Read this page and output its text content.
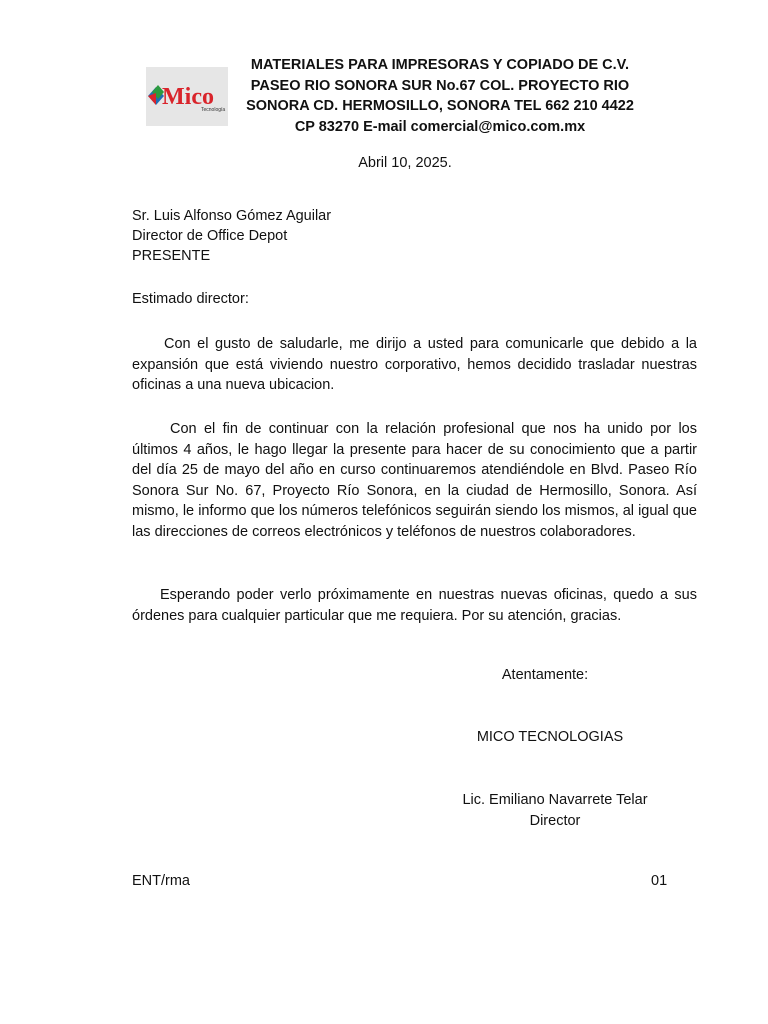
Mico
Tecnología
MATERIALES PARA IMPRESORAS Y COPIADO DE C.V.
PASEO RIO SONORA SUR No.67 COL. PROYECTO RIO
SONORA CD. HERMOSILLO, SONORA TEL 662 210 4422
CP 83270 E-mail comercial@mico.com.mx
Abril 10, 2025.
Sr. Luis Alfonso Gómez Aguilar
Director de Office Depot
PRESENTE
Estimado director:

Con el gusto de saludarle, me dirijo a usted para comunicarle que debido a la expansión que está viviendo nuestro corporativo, hemos decidido trasladar nuestras oficinas a una nueva ubicacion.

Con el fin de continuar con la relación profesional que nos ha unido por los últimos 4 años, le hago llegar la presente para hacer de su conocimiento que a partir del día 25 de mayo del año en curso continuaremos atendiéndole en Blvd. Paseo Río Sonora Sur No. 67, Proyecto Río Sonora, en la ciudad de Hermosillo, Sonora. Así mismo, le informo que los números telefónicos seguirán siendo los mismos, al igual que las direcciones de correos electrónicos y teléfonos de nuestros colaboradores.

Esperando poder verlo próximamente en nuestras nuevas oficinas, quedo a sus órdenes para cualquier particular que me requiera. Por su atención, gracias.

Atentamente:
MICO TECNOLOGIAS
Lic. Emiliano Navarrete Telar
Director
ENT/rma	01
